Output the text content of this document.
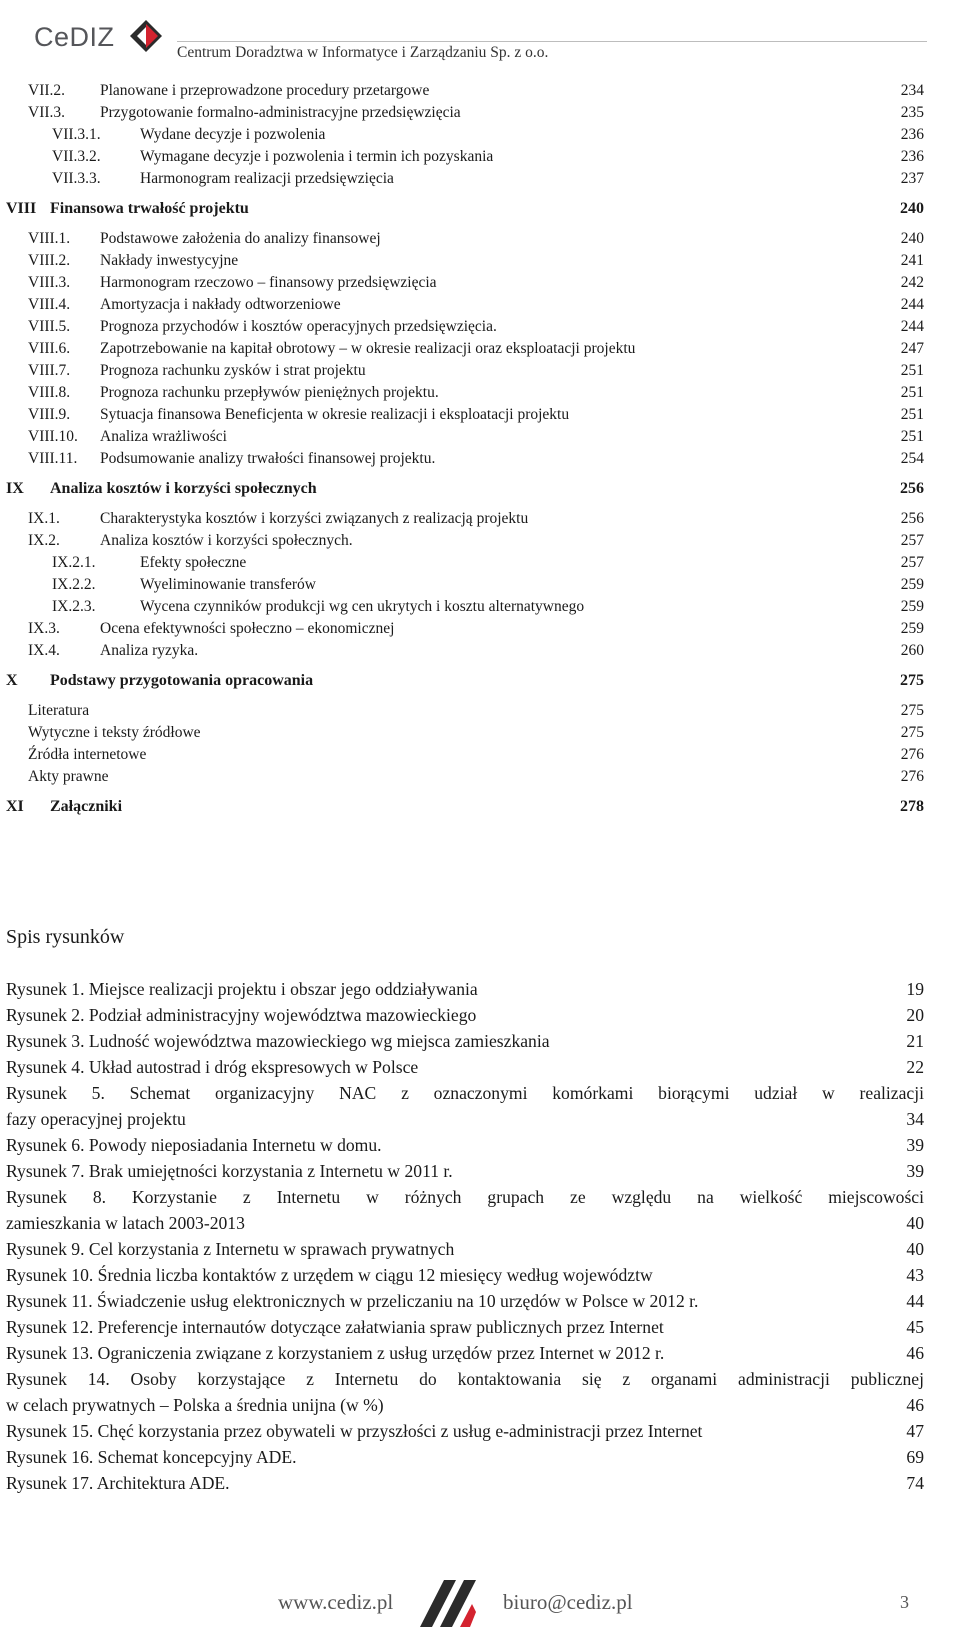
CeDIZ
Centrum Doradztwa w Informatyce i Zarządzaniu Sp. z o.o.
VII.2.	Planowane i przeprowadzone procedury przetargowe	234
VII.3.	Przygotowanie formalno-administracyjne przedsięwzięcia	235
VII.3.1.	Wydane decyzje i pozwolenia	236
VII.3.2.	Wymagane decyzje i pozwolenia i termin ich pozyskania	236
VII.3.3.	Harmonogram realizacji przedsięwzięcia	237
VIII Finansowa trwałość projektu	240
VIII.1.	Podstawowe założenia do analizy finansowej	240
VIII.2.	Nakłady inwestycyjne	241
VIII.3.	Harmonogram rzeczowo – finansowy przedsięwzięcia	242
VIII.4.	Amortyzacja i nakłady odtworzeniowe	244
VIII.5.	Prognoza przychodów i kosztów operacyjnych przedsięwzięcia.	244
VIII.6.	Zapotrzebowanie na kapitał obrotowy – w okresie realizacji oraz eksploatacji projektu	247
VIII.7.	Prognoza rachunku zysków i strat projektu	251
VIII.8.	Prognoza rachunku przepływów pieniężnych projektu.	251
VIII.9.	Sytuacja finansowa Beneficjenta w okresie realizacji i eksploatacji projektu	251
VIII.10.	Analiza wrażliwości	251
VIII.11.	Podsumowanie analizy trwałości finansowej projektu.	254
IX	Analiza kosztów i korzyści społecznych	256
IX.1.	Charakterystyka kosztów i korzyści związanych z realizacją projektu	256
IX.2.	Analiza kosztów i korzyści społecznych.	257
IX.2.1.	Efekty społeczne	257
IX.2.2.	Wyeliminowanie transferów	259
IX.2.3.	Wycena czynników produkcji wg cen ukrytych i kosztu alternatywnego	259
IX.3.	Ocena efektywności społeczno – ekonomicznej	259
IX.4.	Analiza ryzyka.	260
X	Podstawy przygotowania opracowania	275
Literatura	275
Wytyczne i teksty źródłowe	275
Źródła internetowe	276
Akty prawne	276
XI	Załączniki	278
Spis rysunków
Rysunek 1. Miejsce realizacji projektu i obszar jego oddziaływania	19
Rysunek 2. Podział administracyjny województwa mazowieckiego	20
Rysunek 3. Ludność województwa mazowieckiego wg miejsca zamieszkania	21
Rysunek 4. Układ autostrad i dróg ekspresowych w Polsce	22
Rysunek 5. Schemat organizacyjny NAC z oznaczonymi komórkami biorącymi udział w realizacji
fazy operacyjnej projektu	34
Rysunek 6. Powody nieposiadania Internetu w domu.	39
Rysunek 7. Brak umiejętności korzystania z Internetu w 2011 r.	39
Rysunek 8. Korzystanie z Internetu w różnych grupach ze względu na wielkość miejscowości
zamieszkania w latach 2003-2013	40
Rysunek 9. Cel korzystania z Internetu w sprawach prywatnych	40
Rysunek 10. Średnia liczba kontaktów z urzędem w ciągu 12 miesięcy według województw	43
Rysunek 11. Świadczenie usług elektronicznych w przeliczaniu na 10 urzędów w Polsce w 2012 r.	44
Rysunek 12. Preferencje internautów dotyczące załatwiania spraw publicznych przez Internet	45
Rysunek 13. Ograniczenia związane z korzystaniem z usług urzędów przez Internet w 2012 r.	46
Rysunek 14. Osoby korzystające z Internetu do kontaktowania się z organami administracji publicznej
w celach prywatnych – Polska a średnia unijna (w %)	46
Rysunek 15. Chęć korzystania przez obywateli w przyszłości z usług e-administracji przez Internet	47
Rysunek 16. Schemat koncepcyjny ADE.	69
Rysunek 17. Architektura ADE.	74
www.cediz.pl	biuro@cediz.pl	3
